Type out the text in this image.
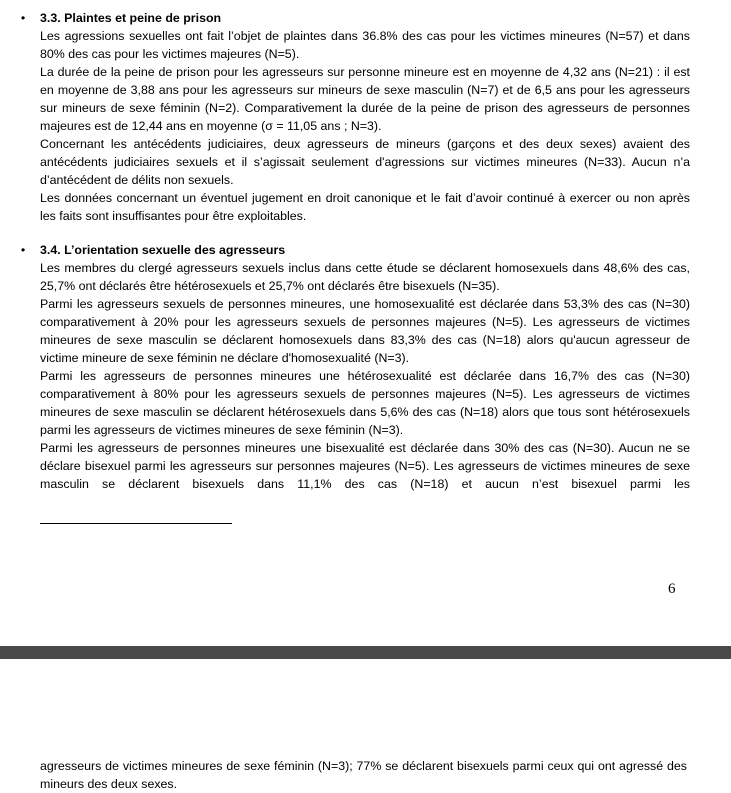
• 3.3. Plaintes et peine de prison

Les agressions sexuelles ont fait l’objet de plaintes dans 36.8% des cas pour les victimes mineures (N=57) et dans 80% des cas pour les victimes majeures (N=5).

La durée de la peine de prison pour les agresseurs sur personne mineure est en moyenne de 4,32 ans (N=21) : il est en moyenne de 3,88 ans pour les agresseurs sur mineurs de sexe masculin (N=7) et de 6,5 ans pour les agresseurs sur mineurs de sexe féminin (N=2). Comparativement la durée de la peine de prison des agresseurs de personnes majeures est de 12,44 ans en moyenne (σ = 11,05 ans ; N=3).

Concernant les antécédents judiciaires, deux agresseurs de mineurs (garçons et des deux sexes) avaient des antécédents judiciaires sexuels et il s’agissait seulement d'agressions sur victimes mineures (N=33). Aucun n’a d’antécédent de délits non sexuels.

Les données concernant un éventuel jugement en droit canonique et le fait d’avoir continué à exercer ou non après les faits sont insuffisantes pour être exploitables.

• 3.4. L’orientation sexuelle des agresseurs

Les membres du clergé agresseurs sexuels inclus dans cette étude se déclarent homosexuels dans 48,6% des cas, 25,7% ont déclarés être hétérosexuels et 25,7% ont déclarés être bisexuels (N=35).

Parmi les agresseurs sexuels de personnes mineures, une homosexualité est déclarée dans 53,3% des cas (N=30) comparativement à 20% pour les agresseurs sexuels de personnes majeures (N=5). Les agresseurs de victimes mineures de sexe masculin se déclarent homosexuels dans 83,3% des cas (N=18) alors qu'aucun agresseur de victime mineure de sexe féminin ne déclare d'homosexualité (N=3).

Parmi les agresseurs de personnes mineures une hétérosexualité est déclarée dans 16,7% des cas (N=30) comparativement à 80% pour les agresseurs sexuels de personnes majeures (N=5). Les agresseurs de victimes mineures de sexe masculin se déclarent hétérosexuels dans 5,6% des cas (N=18) alors que tous sont hétérosexuels parmi les agresseurs de victimes mineures de sexe féminin (N=3).

Parmi les agresseurs de personnes mineures une bisexualité est déclarée dans 30% des cas (N=30). Aucun ne se déclare bisexuel parmi les agresseurs sur personnes majeures (N=5). Les agresseurs de victimes mineures de sexe masculin se déclarent bisexuels dans 11,1% des cas (N=18) et aucun n’est bisexuel parmi les

6

agresseurs de victimes mineures de sexe féminin (N=3); 77% se déclarent bisexuels parmi ceux qui ont agressé des mineurs des deux sexes.
